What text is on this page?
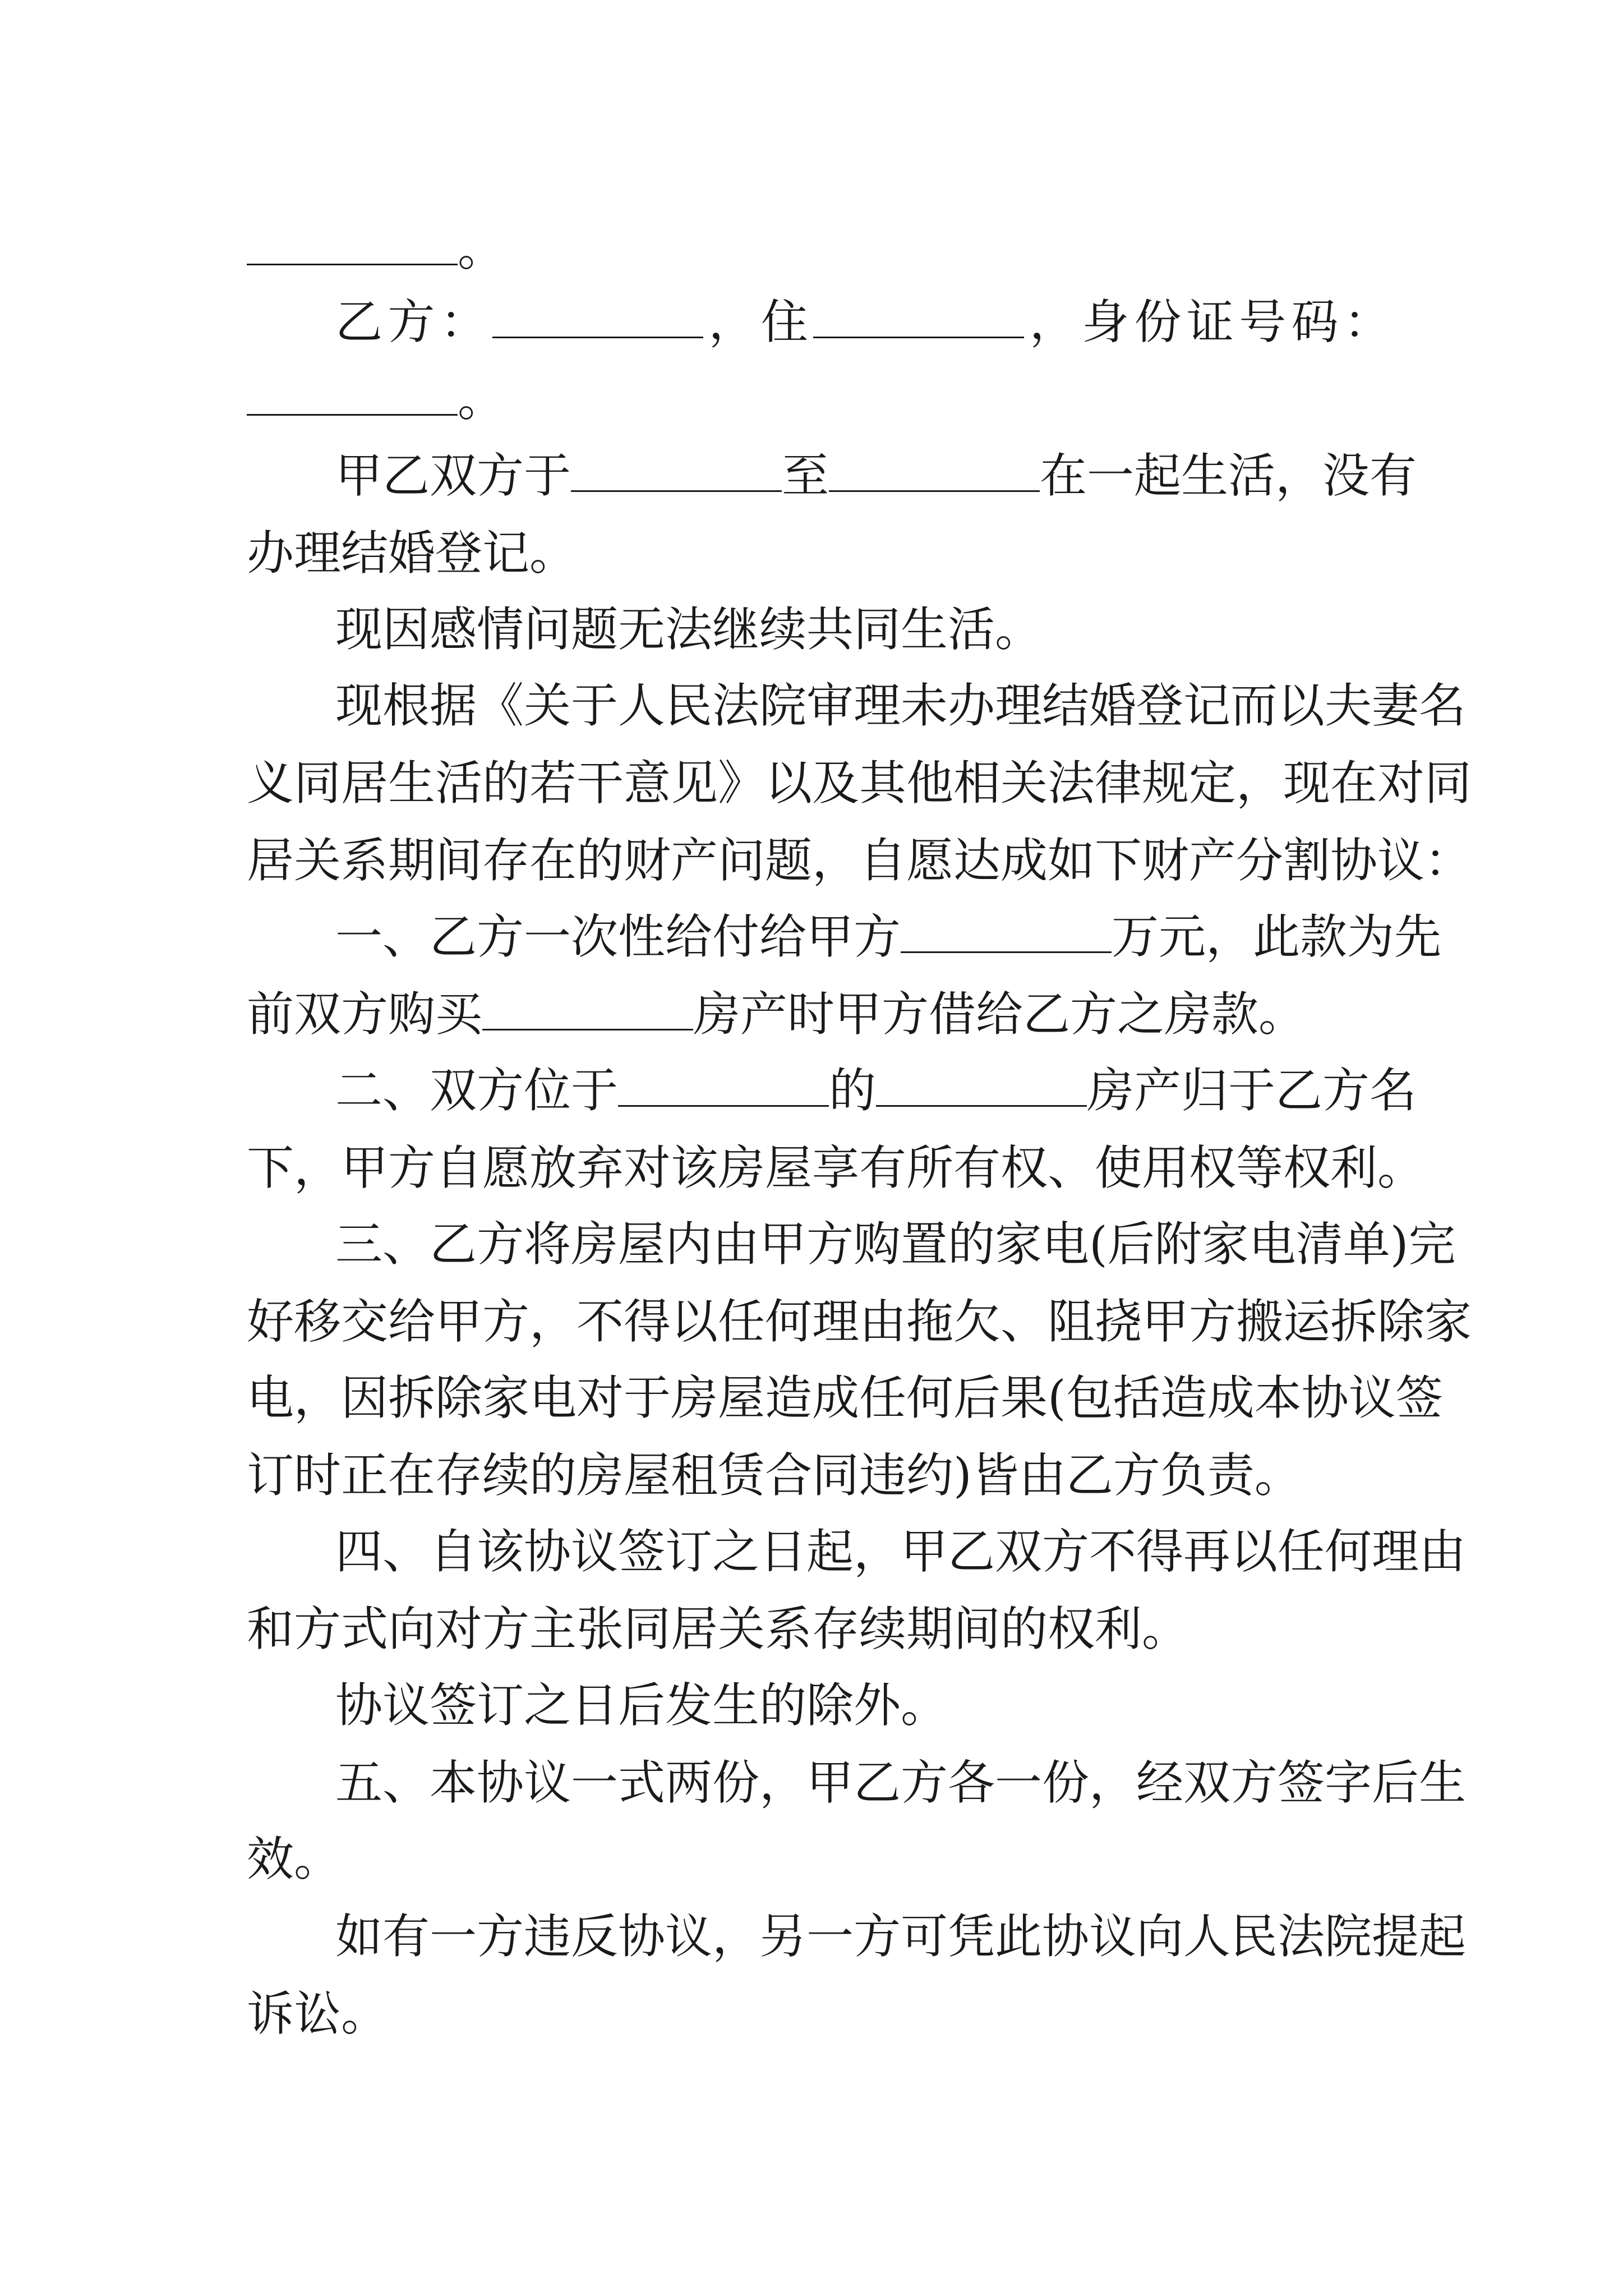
。
乙方：	，住	，身份证号码：
。
甲乙双方于	至	在一起生活，没有
办理结婚登记。
现因感情问题无法继续共同生活。
现根据《关于人民法院审理未办理结婚登记而以夫妻名
义同居生活的若干意见》以及其他相关法律规定，现在对同
居关系期间存在的财产问题，自愿达成如下财产分割协议：
一、乙方一次性给付给甲方	万元，此款为先
前双方购买	房产时甲方借给乙方之房款。
二、双方位于	的	房产归于乙方名
下，甲方自愿放弃对该房屋享有所有权、使用权等权利。
三、乙方将房屋内由甲方购置的家电(后附家电清单)完
好移交给甲方，不得以任何理由拖欠、阻挠甲方搬运拆除家
电，因拆除家电对于房屋造成任何后果(包括造成本协议签
订时正在存续的房屋租赁合同违约)皆由乙方负责。
四、自该协议签订之日起，甲乙双方不得再以任何理由
和方式向对方主张同居关系存续期间的权利。
协议签订之日后发生的除外。
五、本协议一式两份，甲乙方各一份，经双方签字后生
效。
如有一方违反协议，另一方可凭此协议向人民法院提起
诉讼。
